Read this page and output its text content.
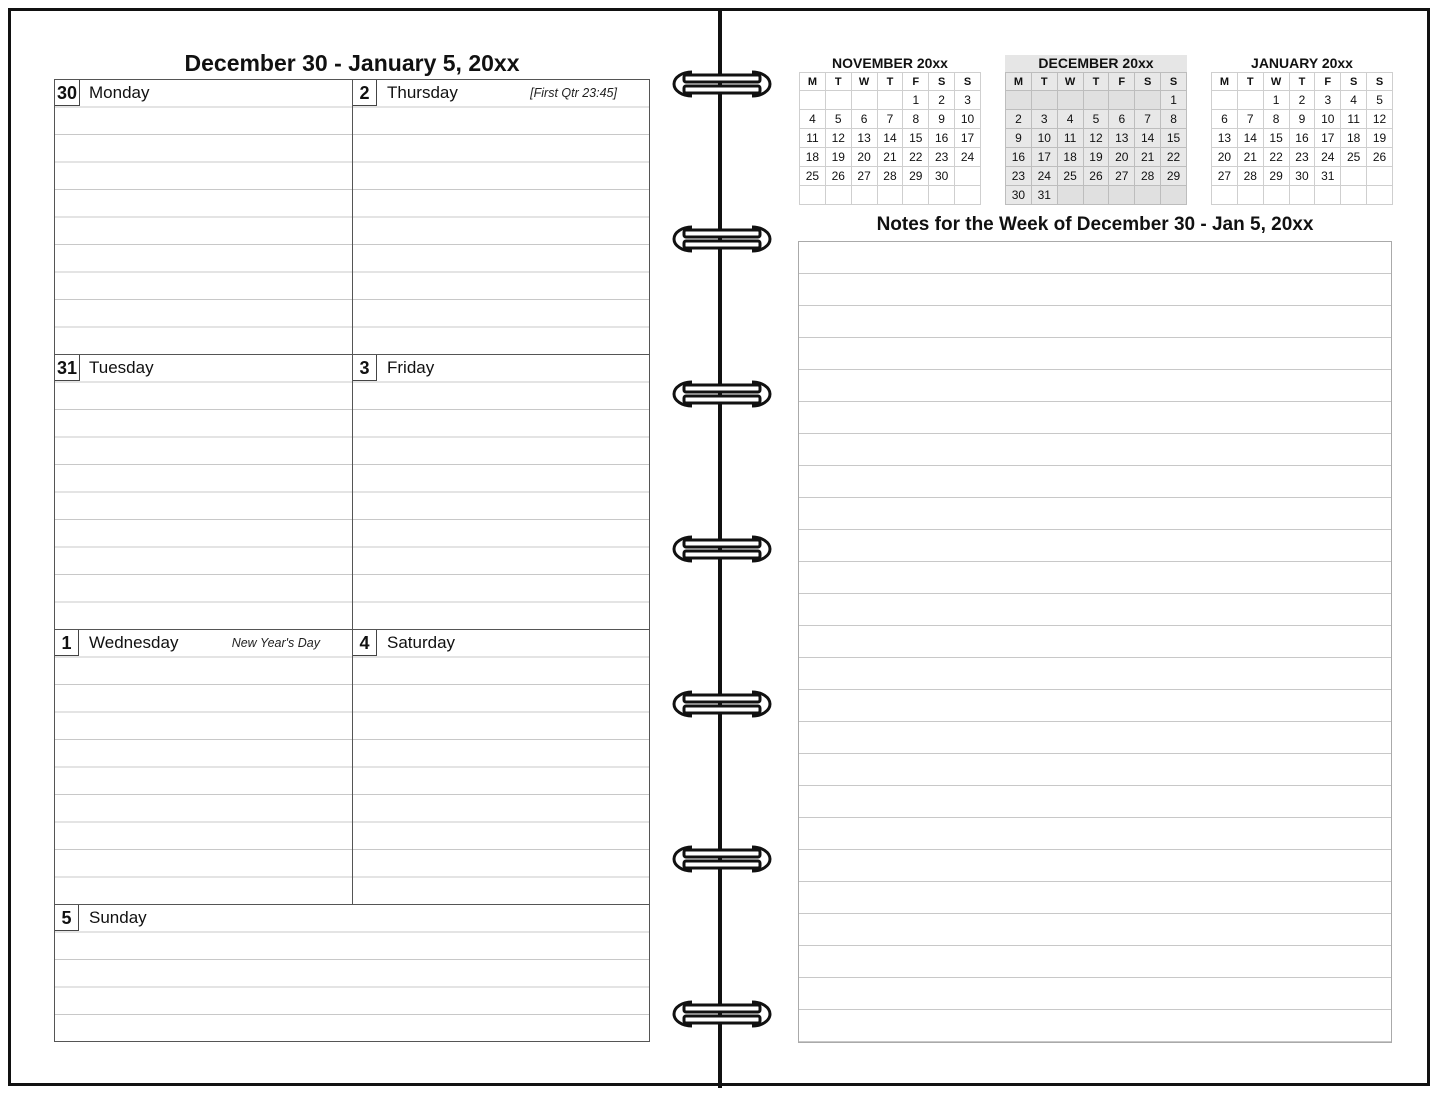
December 30 - January 5, 20xx
30 Monday
31 Tuesday
1	Wednesday	New Year's Day
2	Thursday	[First Qtr 23:45]
3	Friday
4	Saturday
5	Sunday
NOVEMBER 20xx
M	T	W	T	F	S	S
				1	2	3
4	5	6	7	8	9	10
11	12	13	14	15	16	17
18	19	20	21	22	23	24
25	26	27	28	29	30	

DECEMBER 20xx
M	T	W	T	F	S	S
						1
2	3	4	5	6	7	8
9	10	11	12	13	14	15
16	17	18	19	20	21	22
23	24	25	26	27	28	29
30	31					
JANUARY 20xx
M	T	W	T	F	S	S
		1	2	3	4	5
6	7	8	9	10	11	12
13	14	15	16	17	18	19
20	21	22	23	24	25	26
27	28	29	30	31		

Notes for the Week of December 30 - Jan 5, 20xx
